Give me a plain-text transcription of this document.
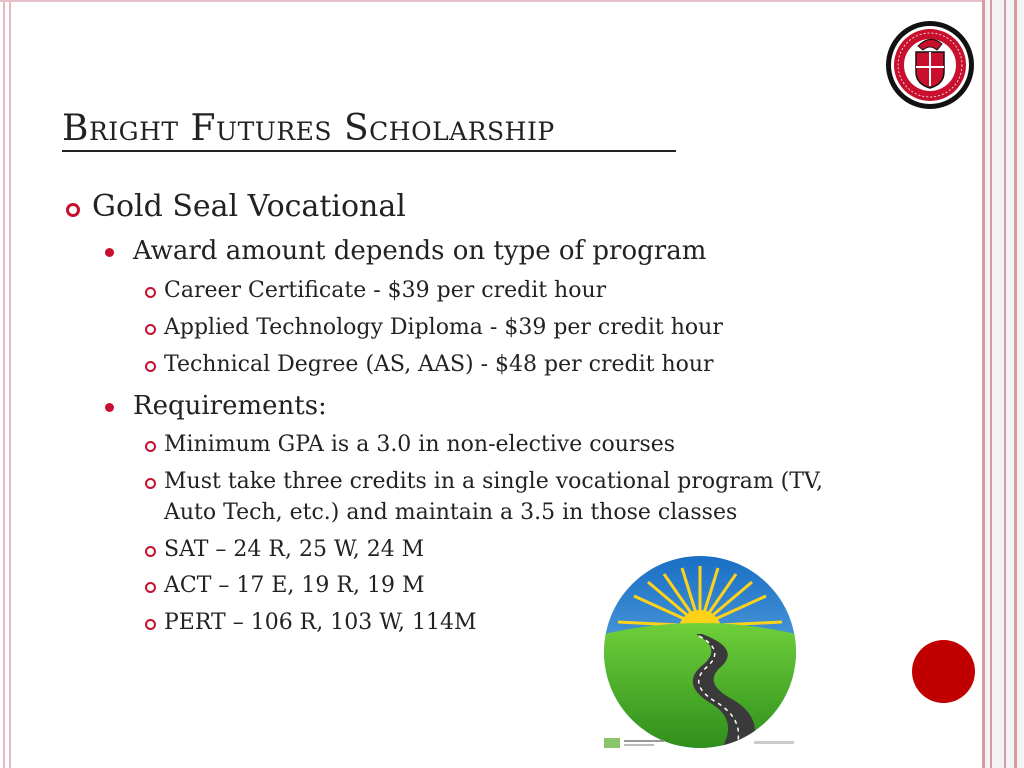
Bright Futures Scholarship
Gold Seal Vocational
Award amount depends on type of program
Career Certificate - $39 per credit hour
Applied Technology Diploma - $39 per credit hour
Technical Degree (AS, AAS) - $48 per credit hour
Requirements:
Minimum GPA is a 3.0 in non-elective courses
Must take three credits in a single vocational program (TV,
Auto Tech, etc.) and maintain a 3.5 in those classes
SAT – 24 R, 25 W, 24 M
ACT – 17 E, 19 R, 19 M
PERT – 106 R, 103 W, 114M
